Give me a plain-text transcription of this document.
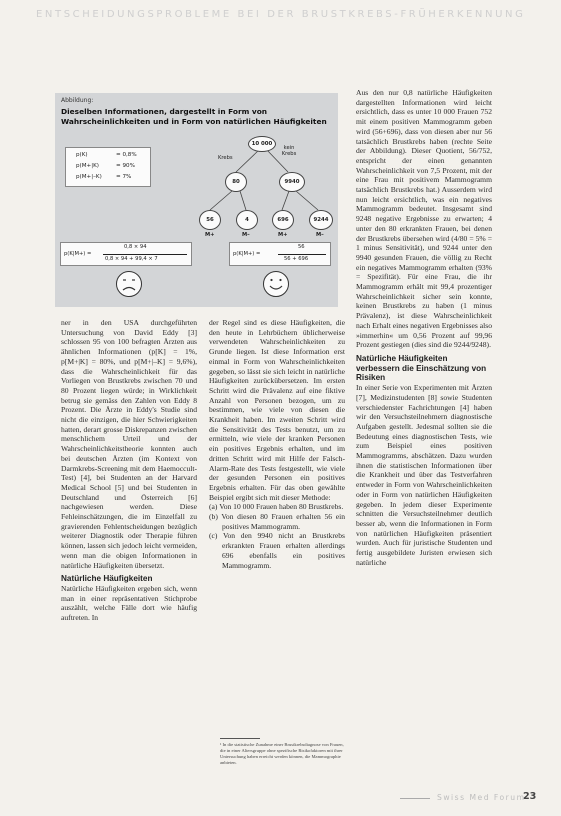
ENTSCHEIDUNGSPROBLEME BEI DER BRUSTKREBS-FRÜHERKENNUNG
Abbildung:
Dieselben Informationen, dargestellt in Form von Wahrscheinlichkeiten und in Form von natürlichen Häufigkeiten
p(K)	= 0,8%
p(M+|K)	= 90%
p(M+|–K)	= 7%
10 000
Krebs
kein Krebs
80	9940
56	4	696	9244
M+	M–	M+	M–
p(K|M+) =
0,8 × 94
0,8 × 94 + 99,4 × 7
p(K|M+) =
56
56 + 696

ner in den USA durchgeführten Untersuchung von David Eddy [3] schlossen 95 von 100 befragten Ärzten aus ähnlichen Informationen (p[K] = 1%, p[M+|K] = 80%, und p[M+|–K] = 9,6%), dass die Wahrscheinlichkeit für das Vorliegen von Brustkrebs zwischen 70 und 80 Prozent liegen würde; in Wirklichkeit betrug sie gemäss den Zahlen von Eddy 8 Prozent. Die Ärzte in Eddy's Studie sind nicht die einzigen, die hier Schwierigkeiten hatten, derart grosse Diskrepanzen zwischen menschlichem Urteil und der Wahrscheinlichkeitstheorie konnten auch bei deutschen Ärzten (im Kontext von Darmkrebs-Screening mit dem Haemoccult-Test) [4], bei Studenten an der Harvard Medical School [5] und bei Studenten in Deutschland und Österreich [6] nachgewiesen werden. Diese Fehleinschätzungen, die im Einzelfall zu gravierenden Fehlentscheidungen bezüglich weiterer Diagnostik oder Therapie führen können, lassen sich jedoch leicht vermeiden, wenn man die obigen Informationen in natürliche Häufigkeiten übersetzt.

Natürliche Häufigkeiten

Natürliche Häufigkeiten ergeben sich, wenn man in einer repräsentativen Stichprobe auszählt, welche Fälle dort wie häufig auftreten. In

der Regel sind es diese Häufigkeiten, die den heute in Lehrbüchern üblicherweise verwendeten Wahrscheinlichkeiten zu Grunde liegen. Ist diese Information erst einmal in Form von Wahrscheinlichkeiten gegeben, so lässt sie sich leicht in natürliche Häufigkeiten zurückübersetzen. Im ersten Schritt wird die Prävalenz auf eine fiktive Anzahl von Personen bezogen, um zu bestimmen, wie viele von diesen die Krankheit haben. Im zweiten Schritt wird die Sensitivität des Tests benutzt, um zu ermitteln, wie viele der kranken Personen ein positives Ergebnis erhalten, und im dritten Schritt wird mit Hilfe der Falsch-Alarm-Rate des Tests festgestellt, wie viele der gesunden Personen ein positives Ergebnis erhalten. Für das oben gewählte Beispiel ergibt sich mit dieser Methode:

(a) Von 10 000 Frauen haben 80 Brustkrebs.

(b) Von diesen 80 Frauen erhalten 56 ein positives Mammogramm.

(c) Von den 9940 nicht an Brustkrebs erkrankten Frauen erhalten allerdings 696 ebenfalls ein positives Mammogramm.

Aus den nur 0,8 natürliche Häufigkeiten dargestellten Informationen wird leicht ersichtlich, dass es unter 10 000 Frauen 752 mit einem positiven Mammogramm geben wird (56+696), dass von diesen aber nur 56 tatsächlich Brustkrebs haben (rechte Seite der Abbildung). Dieser Quotient, 56/752, entspricht der einen genannten Wahrscheinlichkeit von 7,5 Prozent, mit der eine Frau mit positivem Mammogramm tatsächlich Brustkrebs hat.) Ausserdem wird nun leicht ersichtlich, was ein negatives Mammogramm bedeutet. Insgesamt sind 9248 negative Ergebnisse zu erwarten; 4 unter den 80 erkrankten Frauen, bei denen der Brustkrebs übersehen wird (4/80 = 5% = 1 minus Sensitivität), und 9244 unter den 9940 gesunden Frauen, die völlig zu Recht ein negatives Mammogramm erhalten (93% = Spezifität). Für eine Frau, die ihr Mammogramm erhält mit 99,4 prozentiger Wahrscheinlichkeit sicher sein konnte, keinen Brustkrebs zu haben (1 minus Prävalenz), ist diese Wahrscheinlichkeit nach Erhalt eines negativen Ergebnisses also »immerhin« um 0,56 Prozent auf 99,96 Prozent gestiegen (dies sind die 9244/9248).

Natürliche Häufigkeiten verbessern die Einschätzung von Risiken

In einer Serie von Experimenten mit Ärzten [7], Medizinstudenten [8] sowie Studenten verschiedenster Fachrichtungen [4] haben wir den Versuchsteilnehmern diagnostische Aufgaben gestellt. Jedesmal sollten sie die Bedeutung eines diagnostischen Tests, wie zum Beispiel eines positiven Mammogramms, abschätzen. Dazu wurden ihnen die statistischen Informationen über die Krankheit und über das Testverfahren entweder in Form von Wahrscheinlichkeiten oder in Form von natürlichen Häufigkeiten gegeben. In jedem dieser Experimente schnitten die Versuchsteilnehmer deutlich besser ab, wenn die Informationen in Form von natürlichen Häufigkeiten präsentiert wurden. Auch für juristische Studenten und fertig ausgebildete Juristen erwiesen sich natürliche

¹ In die statistische Zunahme einer Brustkrebsdiagnose von Frauen, die in einer Altersgruppe ohne spezifische Risikofaktoren mit ihrer Untersuchung haben erreicht werden können, die Mammographie anbieten.
Swiss Med Forum
23
